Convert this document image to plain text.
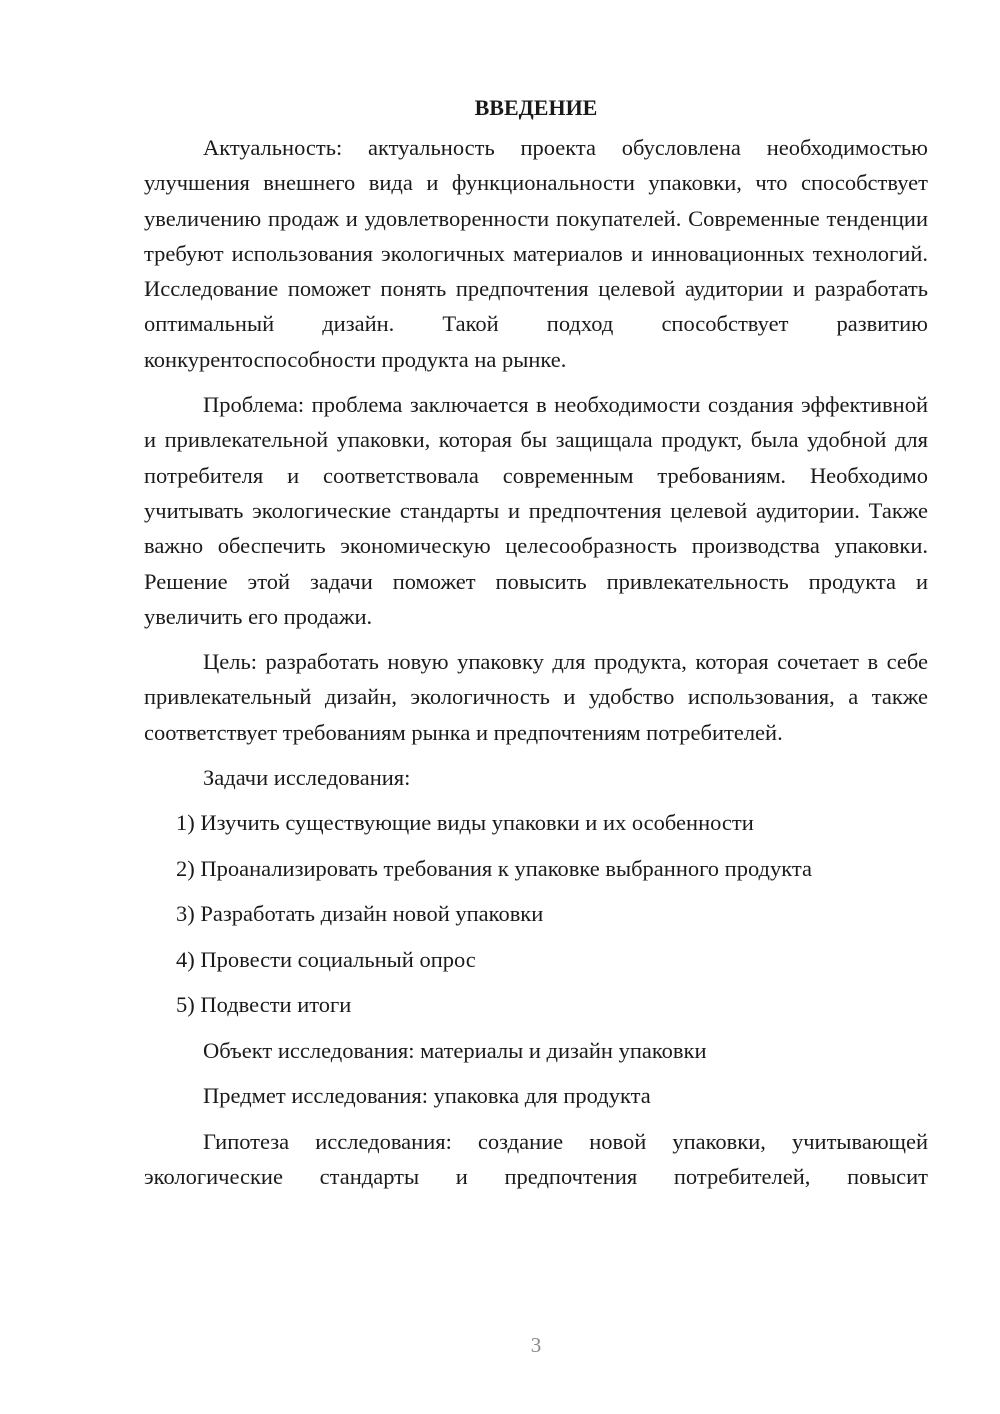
ВВЕДЕНИЕ

Актуальность: актуальность проекта обусловлена необходимостью улучшения внешнего вида и функциональности упаковки, что способствует увеличению продаж и удовлетворенности покупателей. Современные тенденции требуют использования экологичных материалов и инновационных технологий. Исследование поможет понять предпочтения целевой аудитории и разработать оптимальный дизайн. Такой подход способствует развитию конкурентоспособности продукта на рынке.

Проблема: проблема заключается в необходимости создания эффективной и привлекательной упаковки, которая бы защищала продукт, была удобной для потребителя и соответствовала современным требованиям. Необходимо учитывать экологические стандарты и предпочтения целевой аудитории. Также важно обеспечить экономическую целесообразность производства упаковки. Решение этой задачи поможет повысить привлекательность продукта и увеличить его продажи.

Цель: разработать новую упаковку для продукта, которая сочетает в себе привлекательный дизайн, экологичность и удобство использования, а также соответствует требованиям рынка и предпочтениям потребителей.

Задачи исследования:
1) Изучить существующие виды упаковки и их особенности
2) Проанализировать требования к упаковке выбранного продукта
3) Разработать дизайн новой упаковки
4) Провести социальный опрос
5) Подвести итоги
Объект исследования: материалы и дизайн упаковки
Предмет исследования: упаковка для продукта

Гипотеза исследования: создание новой упаковки, учитывающей экологические стандарты и предпочтения потребителей, повысит

3
